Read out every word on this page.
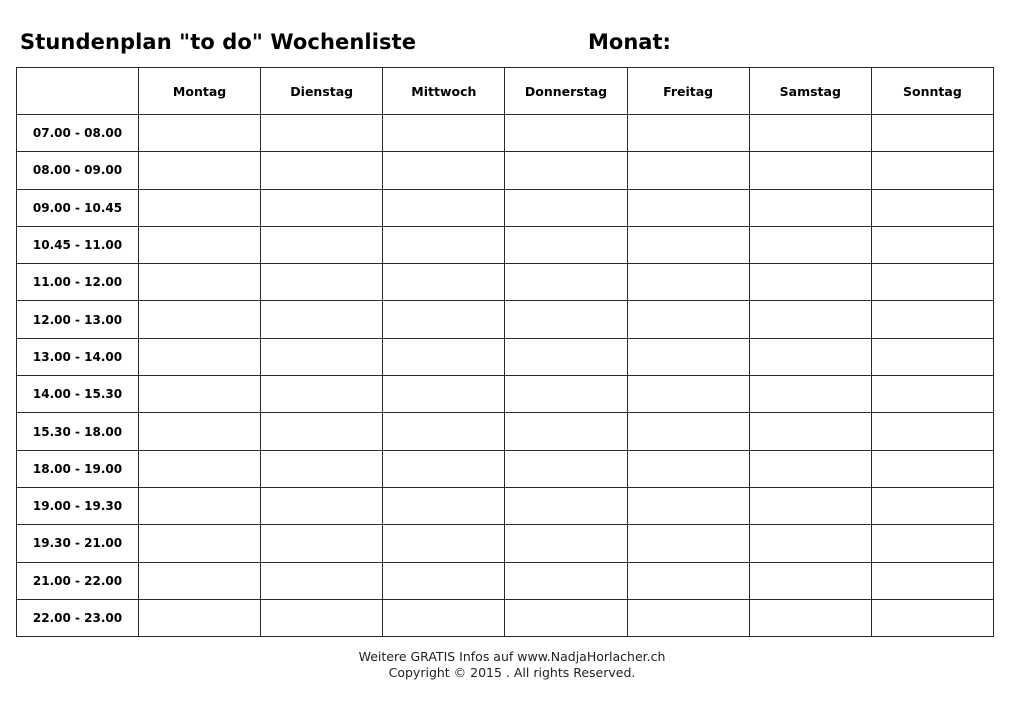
Stundenplan "to do" Wochenliste	Monat:
	Montag	Dienstag	Mittwoch	Donnerstag	Freitag	Samstag	Sonntag
07.00 - 08.00							
08.00 - 09.00							
09.00 - 10.45							
10.45 - 11.00							
11.00 - 12.00							
12.00 - 13.00							
13.00 - 14.00							
14.00 - 15.30							
15.30 - 18.00							
18.00 - 19.00							
19.00 - 19.30							
19.30 - 21.00							
21.00 - 22.00							
22.00 - 23.00							
Weitere GRATIS Infos auf www.NadjaHorlacher.ch
Copyright © 2015 . All rights Reserved.
